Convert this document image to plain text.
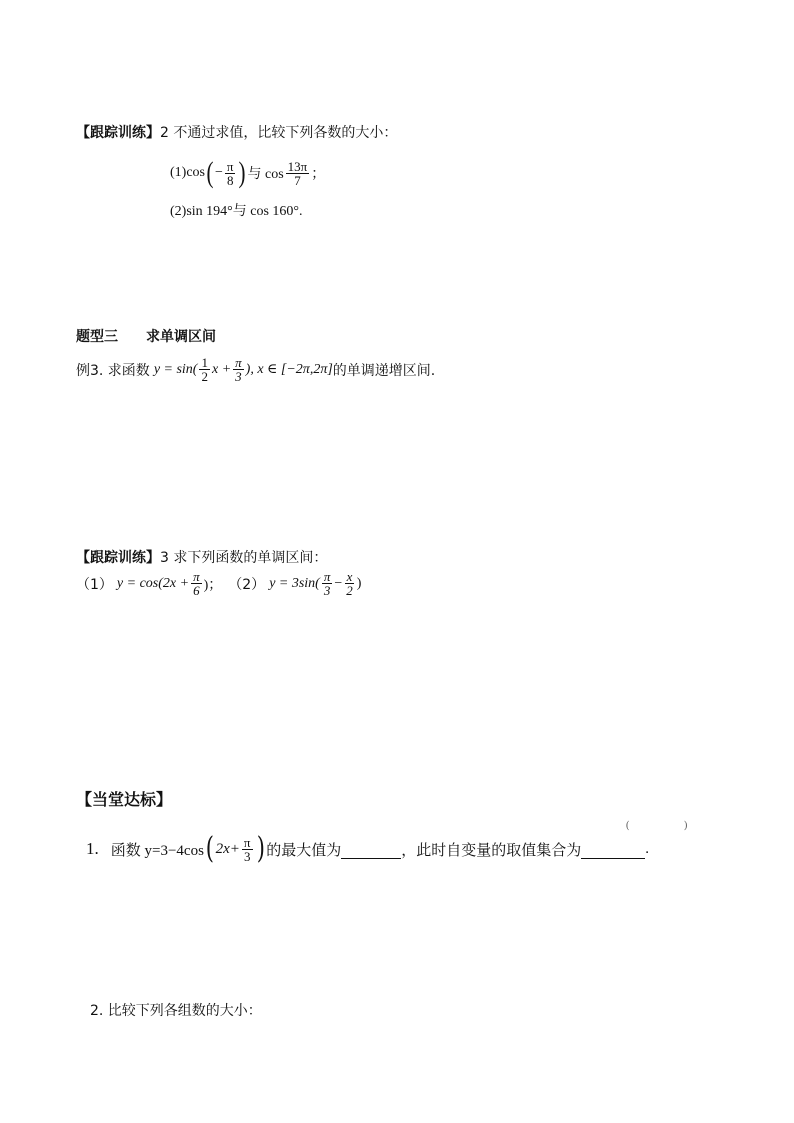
【跟踪训练】2 不通过求值，比较下列各数的大小：
(1)cos ( − $\frac{\pi}{8}$ ) 与 $\cos \frac{13\pi}{7}$ ；
(2)sin 194°与 cos 160°.
题型三 求单调区间
例3. 求函数 $y = \sin( \frac{1}{2}$ $x + \frac{\pi}{3}$ ), x ∈ [−2π,2π] 的单调递增区间.
【跟踪训练】3 求下列函数的单调区间：
（1） $y = \cos(2x + \frac{\pi}{6}$ )； （2） $y = 3\sin( \frac{\pi}{3} - \frac{x}{2}$ )
【当堂达标】
(	)
1. 函数 y=3−4cos ( $2x+ \frac{\pi}{3}$ ) 的最大值为
	，此时自变量的取值集合为
	.
2. 比较下列各组数的大小：
